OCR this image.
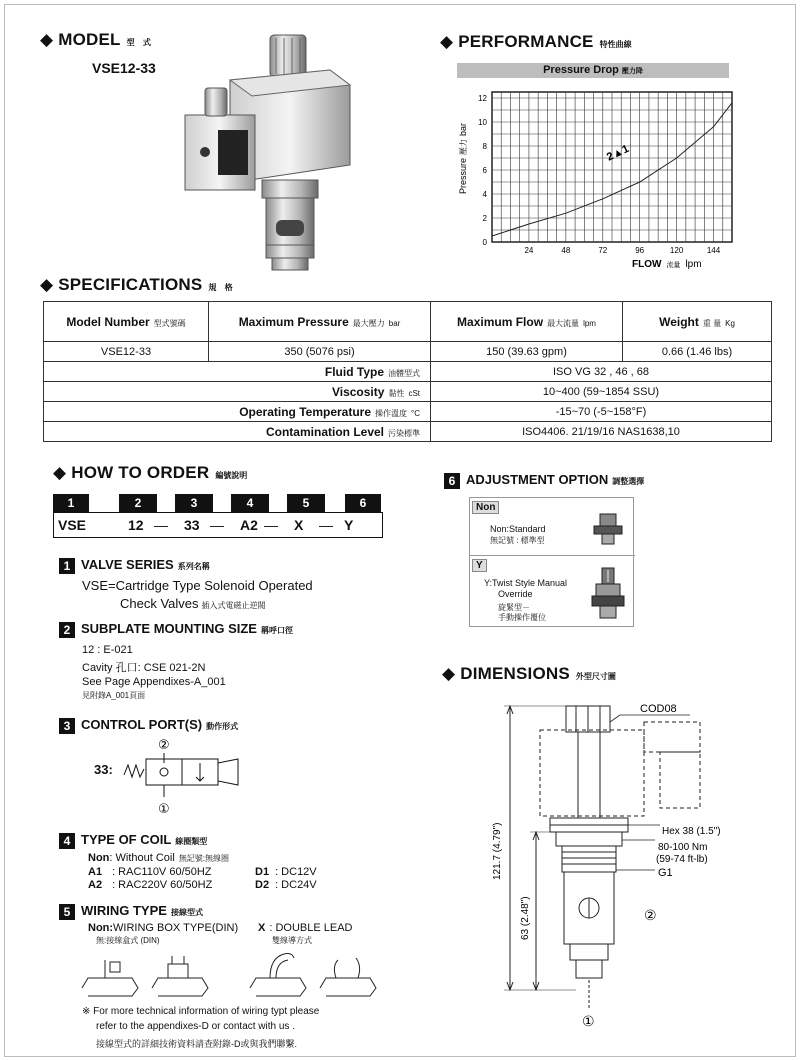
◆ MODEL 型 式
VSE12-33
◆ PERFORMANCE 特性曲線
Pressure Drop 壓力降
24	48	72	96	120	144
0
2
4
6
8
10
12
2▲1
Pressure壓力bar
FLOW 流量 lpm
◆ SPECIFICATIONS 規 格
Model Number 型式號碼	Maximum Pressure 最大壓力 bar	Maximum Flow 最大流量 lpm	Weight 重 量 Kg
VSE12-33	350 (5076 psi)	150 (39.63 gpm)	0.66 (1.46 lbs)
Fluid Type 油體型式		ISO VG 32 , 46 , 68	
Viscosity 黏性 cSt		10~400 (59~1854 SSU)	
Operating Temperature 操作溫度 °C		-15~70 (-5~158°F)	
Contamination Level 污染標準		ISO4406. 21/19/16 NAS1638,10	
◆ HOW TO ORDER 編號說明
1	2	3	4	5	6
VSE	12 —	33 —	A2 —	X	— Y
1 VALVE SERIES 系列名稱
VSE=Cartridge Type Solenoid Operated
Check Valves 插入式電磁止逆閥
2 SUBPLATE MOUNTING SIZE 稱呼口徑
12 : E-021
Cavity 孔口: CSE 021-2N
See Page Appendixes-A_001
見附錄A_001頁面
3 CONTROL PORT(S) 動作形式
33:
②
①
4 TYPE OF COIL 線圈類型
Non: Without Coil 無記號:無線圈
A1 : RAC110V 60/50HZ	D1 : DC12V
A2 : RAC220V 60/50HZ	D2 : DC24V
5 WIRING TYPE 接線型式
Non:WIRING BOX TYPE(DIN)
無:接線盒式 (DIN)
X : DOUBLE LEAD
雙線導方式
※ For more technical information of wiring typt please
refer to the appendixes-D or contact with us .
接線型式的詳細技術資料請查附錄-D或與我們聯繫.
6 ADJUSTMENT OPTION 調整選擇
Non
Non:Standard
無記號 : 標準型
Y
Y:Twist Style Manual
Override
旋緊型－
手動操作覆位
◆ DIMENSIONS 外型尺寸圖
COD08
Hex 38 (1.5")
80-100 Nm
(59-74 ft-lb)
G1
121.7 (4.79")
63 (2.48")	②
①
